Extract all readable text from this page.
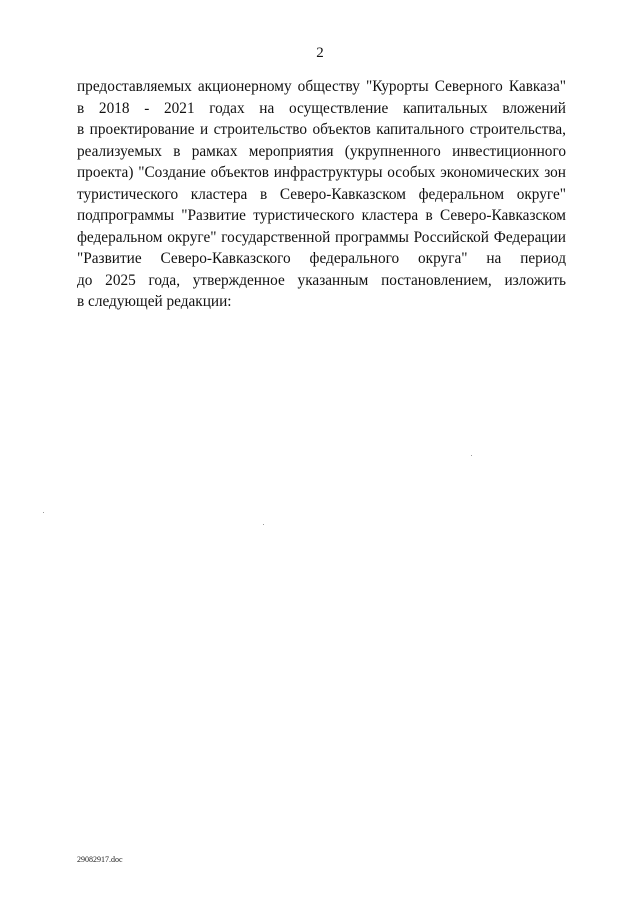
2
предоставляемых акционерному обществу "Курорты Северного Кавказа"
в 2018 - 2021 годах на осуществление капитальных вложений
в проектирование и строительство объектов капитального строительства,
реализуемых в рамках мероприятия (укрупненного инвестиционного
проекта) "Создание объектов инфраструктуры особых экономических зон
туристического кластера в Северо-Кавказском федеральном округе"
подпрограммы "Развитие туристического кластера в Северо-Кавказском
федеральном округе" государственной программы Российской Федерации
"Развитие Северо-Кавказского федерального округа" на период
до 2025 года, утвержденное указанным постановлением, изложить
в следующей редакции:
29082917.doc
